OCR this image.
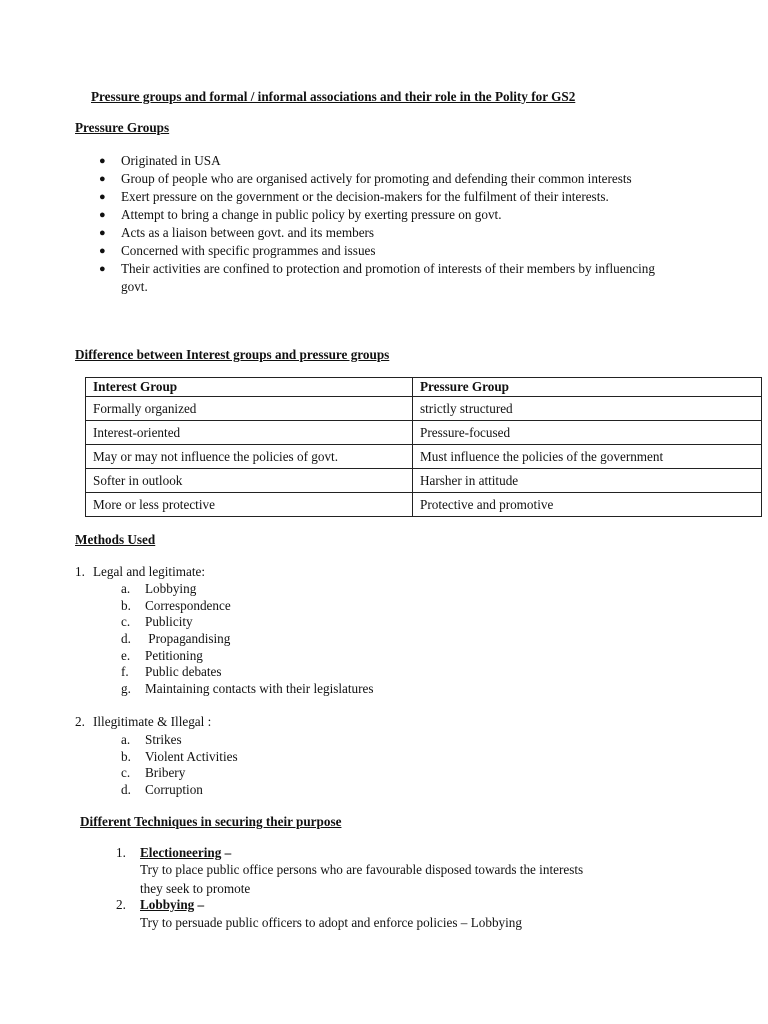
Pressure groups and formal / informal associations and their role in the Polity for GS2
Pressure Groups
● Originated in USA
● Group of people who are organised actively for promoting and defending their common interests
● Exert pressure on the government or the decision-makers for the fulfilment of their interests.
● Attempt to bring a change in public policy by exerting pressure on govt.
● Acts as a liaison between govt. and its members
● Concerned with specific programmes and issues
● Their activities are confined to protection and promotion of interests of their members by influencing govt.
Difference between Interest groups and pressure groups
Interest Group	Pressure Group
Formally organized	strictly structured
Interest-oriented	Pressure-focused
May or may not influence the policies of govt.	Must influence the policies of the government
Softer in outlook	Harsher in attitude
More or less protective	Protective and promotive
Methods Used
1. Legal and legitimate:
a. Lobbying
b. Correspondence
c. Publicity
d. Propagandising
e. Petitioning
f. Public debates
g. Maintaining contacts with their legislatures
2. Illegitimate & Illegal :
a. Strikes
b. Violent Activities
c. Bribery
d. Corruption
Different Techniques in securing their purpose
1. Electioneering –
Try to place public office persons who are favourable disposed towards the interests
they seek to promote
2. Lobbying –
Try to persuade public officers to adopt and enforce policies – Lobbying
